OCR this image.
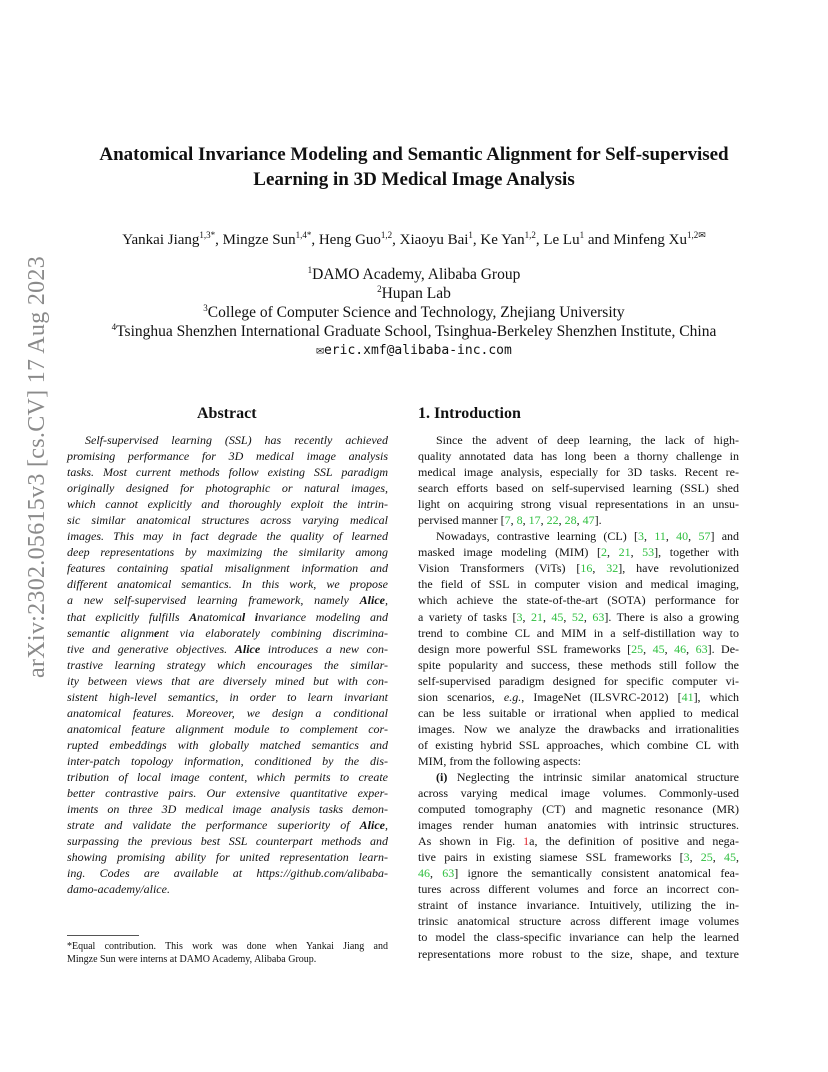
arXiv:2302.05615v3 [cs.CV] 17 Aug 2023
Anatomical Invariance Modeling and Semantic Alignment for Self-supervised
Learning in 3D Medical Image Analysis
Yankai Jiang$^{1,3*}$, Mingze Sun$^{1,4*}$, Heng Guo$^{1,2}$, Xiaoyu Bai$^1$, Ke Yan$^{1,2}$, Le Lu$^1$ and Minfeng $Xu^{1,2✉}$
$^1$DAMO Academy, Alibaba Group
$^2$Hupan Lab
$^3$College of Computer Science and Technology, Zhejiang University
$^4$Tsinghua Shenzhen International Graduate School, Tsinghua-Berkeley Shenzhen Institute, China
✉eric.xmf@alibaba-inc.com
Abstract
Self-supervised learning (SSL) has recently achieved
promising performance for 3D medical image analysis
tasks. Most current methods follow existing SSL paradigm
originally designed for photographic or natural images,
which cannot explicitly and thoroughly exploit the intrin-
sic similar anatomical structures across varying medical
images. This may in fact degrade the quality of learned
deep representations by maximizing the similarity among
features containing spatial misalignment information and
different anatomical semantics. In this work, we propose
a new self-supervised learning framework, namely Alice,
that explicitly fulfills Anatomical invariance modeling and
semantic alignment via elaborately combining discrimina-
tive and generative objectives. Alice introduces a new con-
trastive learning strategy which encourages the similar-
ity between views that are diversely mined but with con-
sistent high-level semantics, in order to learn invariant
anatomical features. Moreover, we design a conditional
anatomical feature alignment module to complement cor-
rupted embeddings with globally matched semantics and
inter-patch topology information, conditioned by the dis-
tribution of local image content, which permits to create
better contrastive pairs. Our extensive quantitative exper-
iments on three 3D medical image analysis tasks demon-
strate and validate the performance superiority of Alice,
surpassing the previous best SSL counterpart methods and
showing promising ability for united representation learn-
ing. Codes are available at https://github.com/alibaba-
damo-academy/alice.
*Equal contribution. This work was done when Yankai Jiang and
Mingze Sun were interns at DAMO Academy, Alibaba Group.
1. Introduction
Since the advent of deep learning, the lack of high-
quality annotated data has long been a thorny challenge in
medical image analysis, especially for 3D tasks. Recent re-
search efforts based on self-supervised learning (SSL) shed
light on acquiring strong visual representations in an unsu-
pervised manner [7, 8, 17, 22, 28, 47].
Nowadays, contrastive learning (CL) [3, 11, 40, 57] and
masked image modeling (MIM) [2, 21, 53], together with
Vision Transformers (ViTs) [16, 32], have revolutionized
the field of SSL in computer vision and medical imaging,
which achieve the state-of-the-art (SOTA) performance for
a variety of tasks [3, 21, 45, 52, 63]. There is also a growing
trend to combine CL and MIM in a self-distillation way to
design more powerful SSL frameworks [25, 45, 46, 63]. De-
spite popularity and success, these methods still follow the
self-supervised paradigm designed for specific computer vi-
sion scenarios, e.g., ImageNet (ILSVRC-2012) [41], which
can be less suitable or irrational when applied to medical
images. Now we analyze the drawbacks and irrationalities
of existing hybrid SSL approaches, which combine CL with
MIM, from the following aspects:
(i) Neglecting the intrinsic similar anatomical structure
across varying medical image volumes. Commonly-used
computed tomography (CT) and magnetic resonance (MR)
images render human anatomies with intrinsic structures.
As shown in Fig. 1a, the definition of positive and nega-
tive pairs in existing siamese SSL frameworks [3, 25, 45,
46, 63] ignore the semantically consistent anatomical fea-
tures across different volumes and force an incorrect con-
straint of instance invariance. Intuitively, utilizing the in-
trinsic anatomical structure across different image volumes
to model the class-specific invariance can help the learned
representations more robust to the size, shape, and texture
